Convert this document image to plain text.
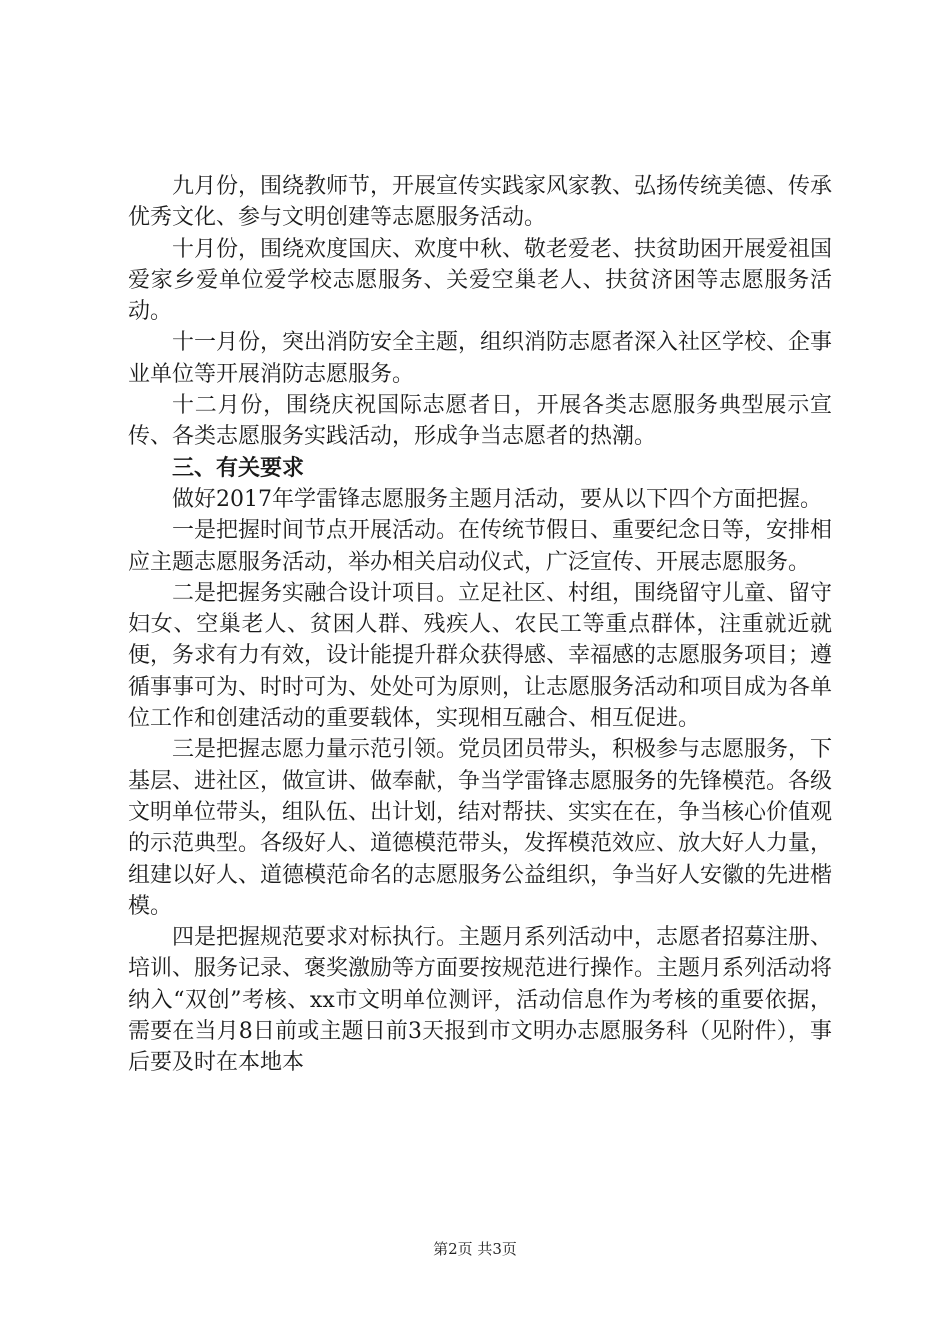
九月份，围绕教师节，开展宣传实践家风家教、弘扬传统美德、传承优秀文化、参与文明创建等志愿服务活动。

十月份，围绕欢度国庆、欢度中秋、敬老爱老、扶贫助困开展爱祖国爱家乡爱单位爱学校志愿服务、关爱空巢老人、扶贫济困等志愿服务活动。

十一月份，突出消防安全主题，组织消防志愿者深入社区学校、企事业单位等开展消防志愿服务。

十二月份，围绕庆祝国际志愿者日，开展各类志愿服务典型展示宣传、各类志愿服务实践活动，形成争当志愿者的热潮。

三、有关要求

做好2017年学雷锋志愿服务主题月活动，要从以下四个方面把握。

一是把握时间节点开展活动。在传统节假日、重要纪念日等，安排相应主题志愿服务活动，举办相关启动仪式，广泛宣传、开展志愿服务。

二是把握务实融合设计项目。立足社区、村组，围绕留守儿童、留守妇女、空巢老人、贫困人群、残疾人、农民工等重点群体，注重就近就便，务求有力有效，设计能提升群众获得感、幸福感的志愿服务项目；遵循事事可为、时时可为、处处可为原则，让志愿服务活动和项目成为各单位工作和创建活动的重要载体，实现相互融合、相互促进。

三是把握志愿力量示范引领。党员团员带头，积极参与志愿服务，下基层、进社区，做宣讲、做奉献，争当学雷锋志愿服务的先锋模范。各级文明单位带头，组队伍、出计划，结对帮扶、实实在在，争当核心价值观的示范典型。各级好人、道德模范带头，发挥模范效应、放大好人力量，组建以好人、道德模范命名的志愿服务公益组织，争当好人安徽的先进楷模。

四是把握规范要求对标执行。主题月系列活动中，志愿者招募注册、培训、服务记录、褒奖激励等方面要按规范进行操作。主题月系列活动将纳入“双创”考核、xx市文明单位测评，活动信息作为考核的重要依据，需要在当月8日前或主题日前3天报到市文明办志愿服务科（见附件），事后要及时在本地本

第2页 共3页
